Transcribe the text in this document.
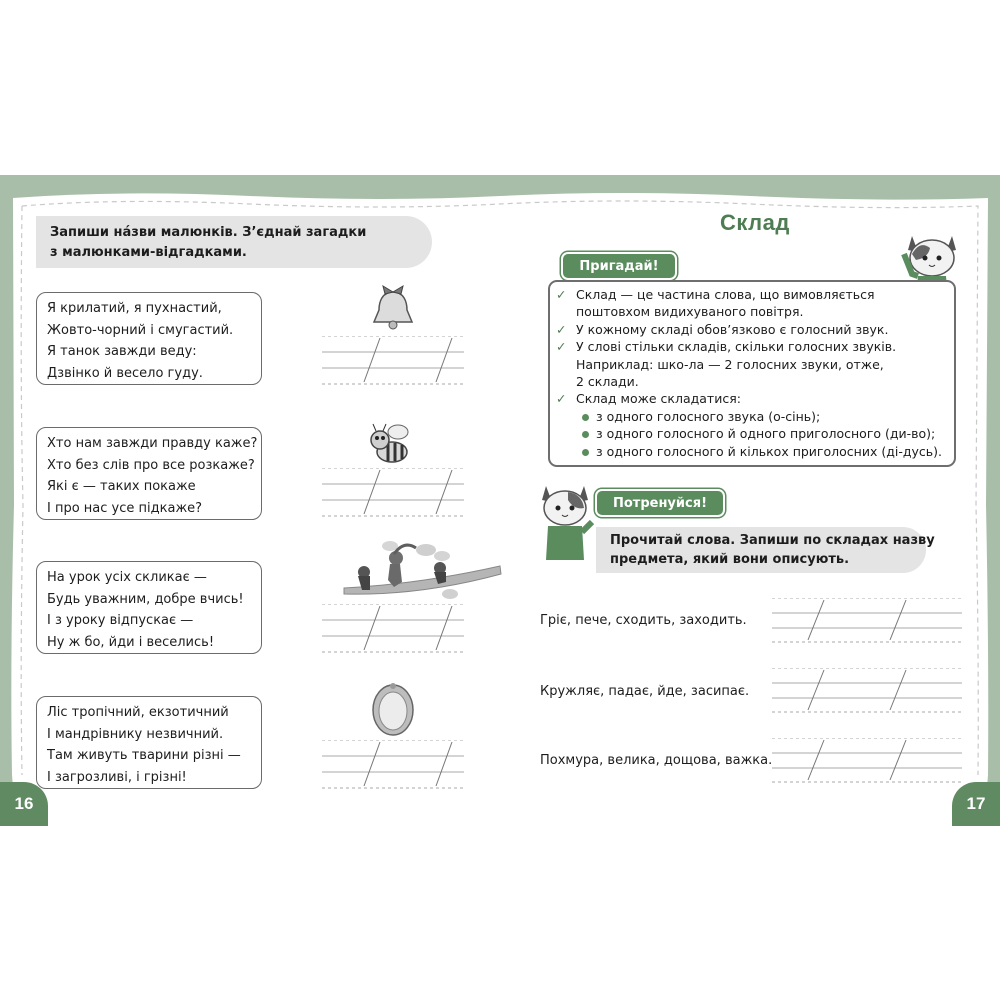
16	17
Запиши на́зви малюнків. З’єднай загадки
з малюнками-відгадками.
Я крилатий, я пухнастий,
Жовто-чорний і смугастий.
Я танок завжди веду:
Дзвінко й весело гуду.
Хто нам завжди правду каже?
Хто без слів про все розкаже?
Які є — таких покаже
І про нас усе підкаже?
На урок усіх скликає —
Будь уважним, добре вчись!
І з уроку відпускає —
Ну ж бо, йди і веселись!
Ліс тропічний, екзотичний
І мандрівнику незвичний.
Там живуть тварини різні —
І загрозливі, і грізні!
Склад
Пригадай!
✓ Склад — це частина слова, що вимовляється
поштовхом видихуваного повітря.
✓ У кожному складі обов’язково є голосний звук.
✓ У слові стільки складів, скільки голосних звуків.
Наприклад: шко-ла — 2 голосних звуки, отже,
2 склади.
✓ Склад може складатися:
з одного голосного звука (о-сінь);
з одного голосного й одного приголосного (ди-во);
з одного голосного й кількох приголосних (ді-дусь).
Потренуйся!
Прочитай слова. Запиши по складах назву
предмета, який вони описують.
Гріє, пече, сходить, заходить.
Кружляє, падає, йде, засипає.
Похмура, велика, дощова, важка.
